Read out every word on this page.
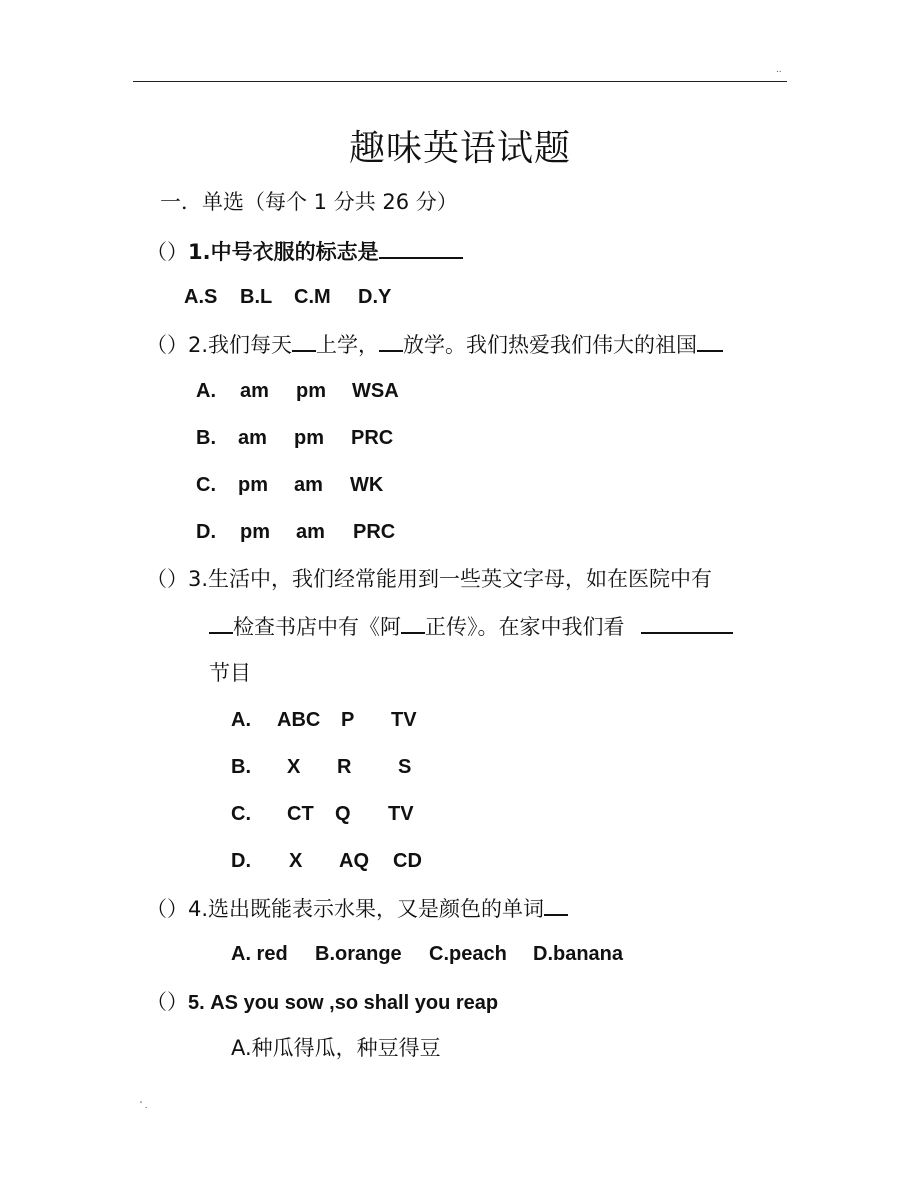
..
趣味英语试题
一．单选（每个 1 分共 26 分）
（）1.中号衣服的标志是
A.S B.L C.M D.Y
（）2.我们每天 上学， 放学。我们热爱我们伟大的祖国
A. am pm WSA
B. am pm PRC
C. pm am WK
D. pm am PRC
（）3.生活中，我们经常能用到一些英文字母，如在医院中有
检查书店中有《阿 正传》。在家中我们看
节目
A. ABC P TV
B. X R S
C. CT Q TV
D. X AQ CD
（）4.选出既能表示水果，又是颜色的单词
A. red B.orange C.peach D.banana
（）5. AS you sow ,so shall you reap
A.种瓜得瓜，种豆得豆
' .
